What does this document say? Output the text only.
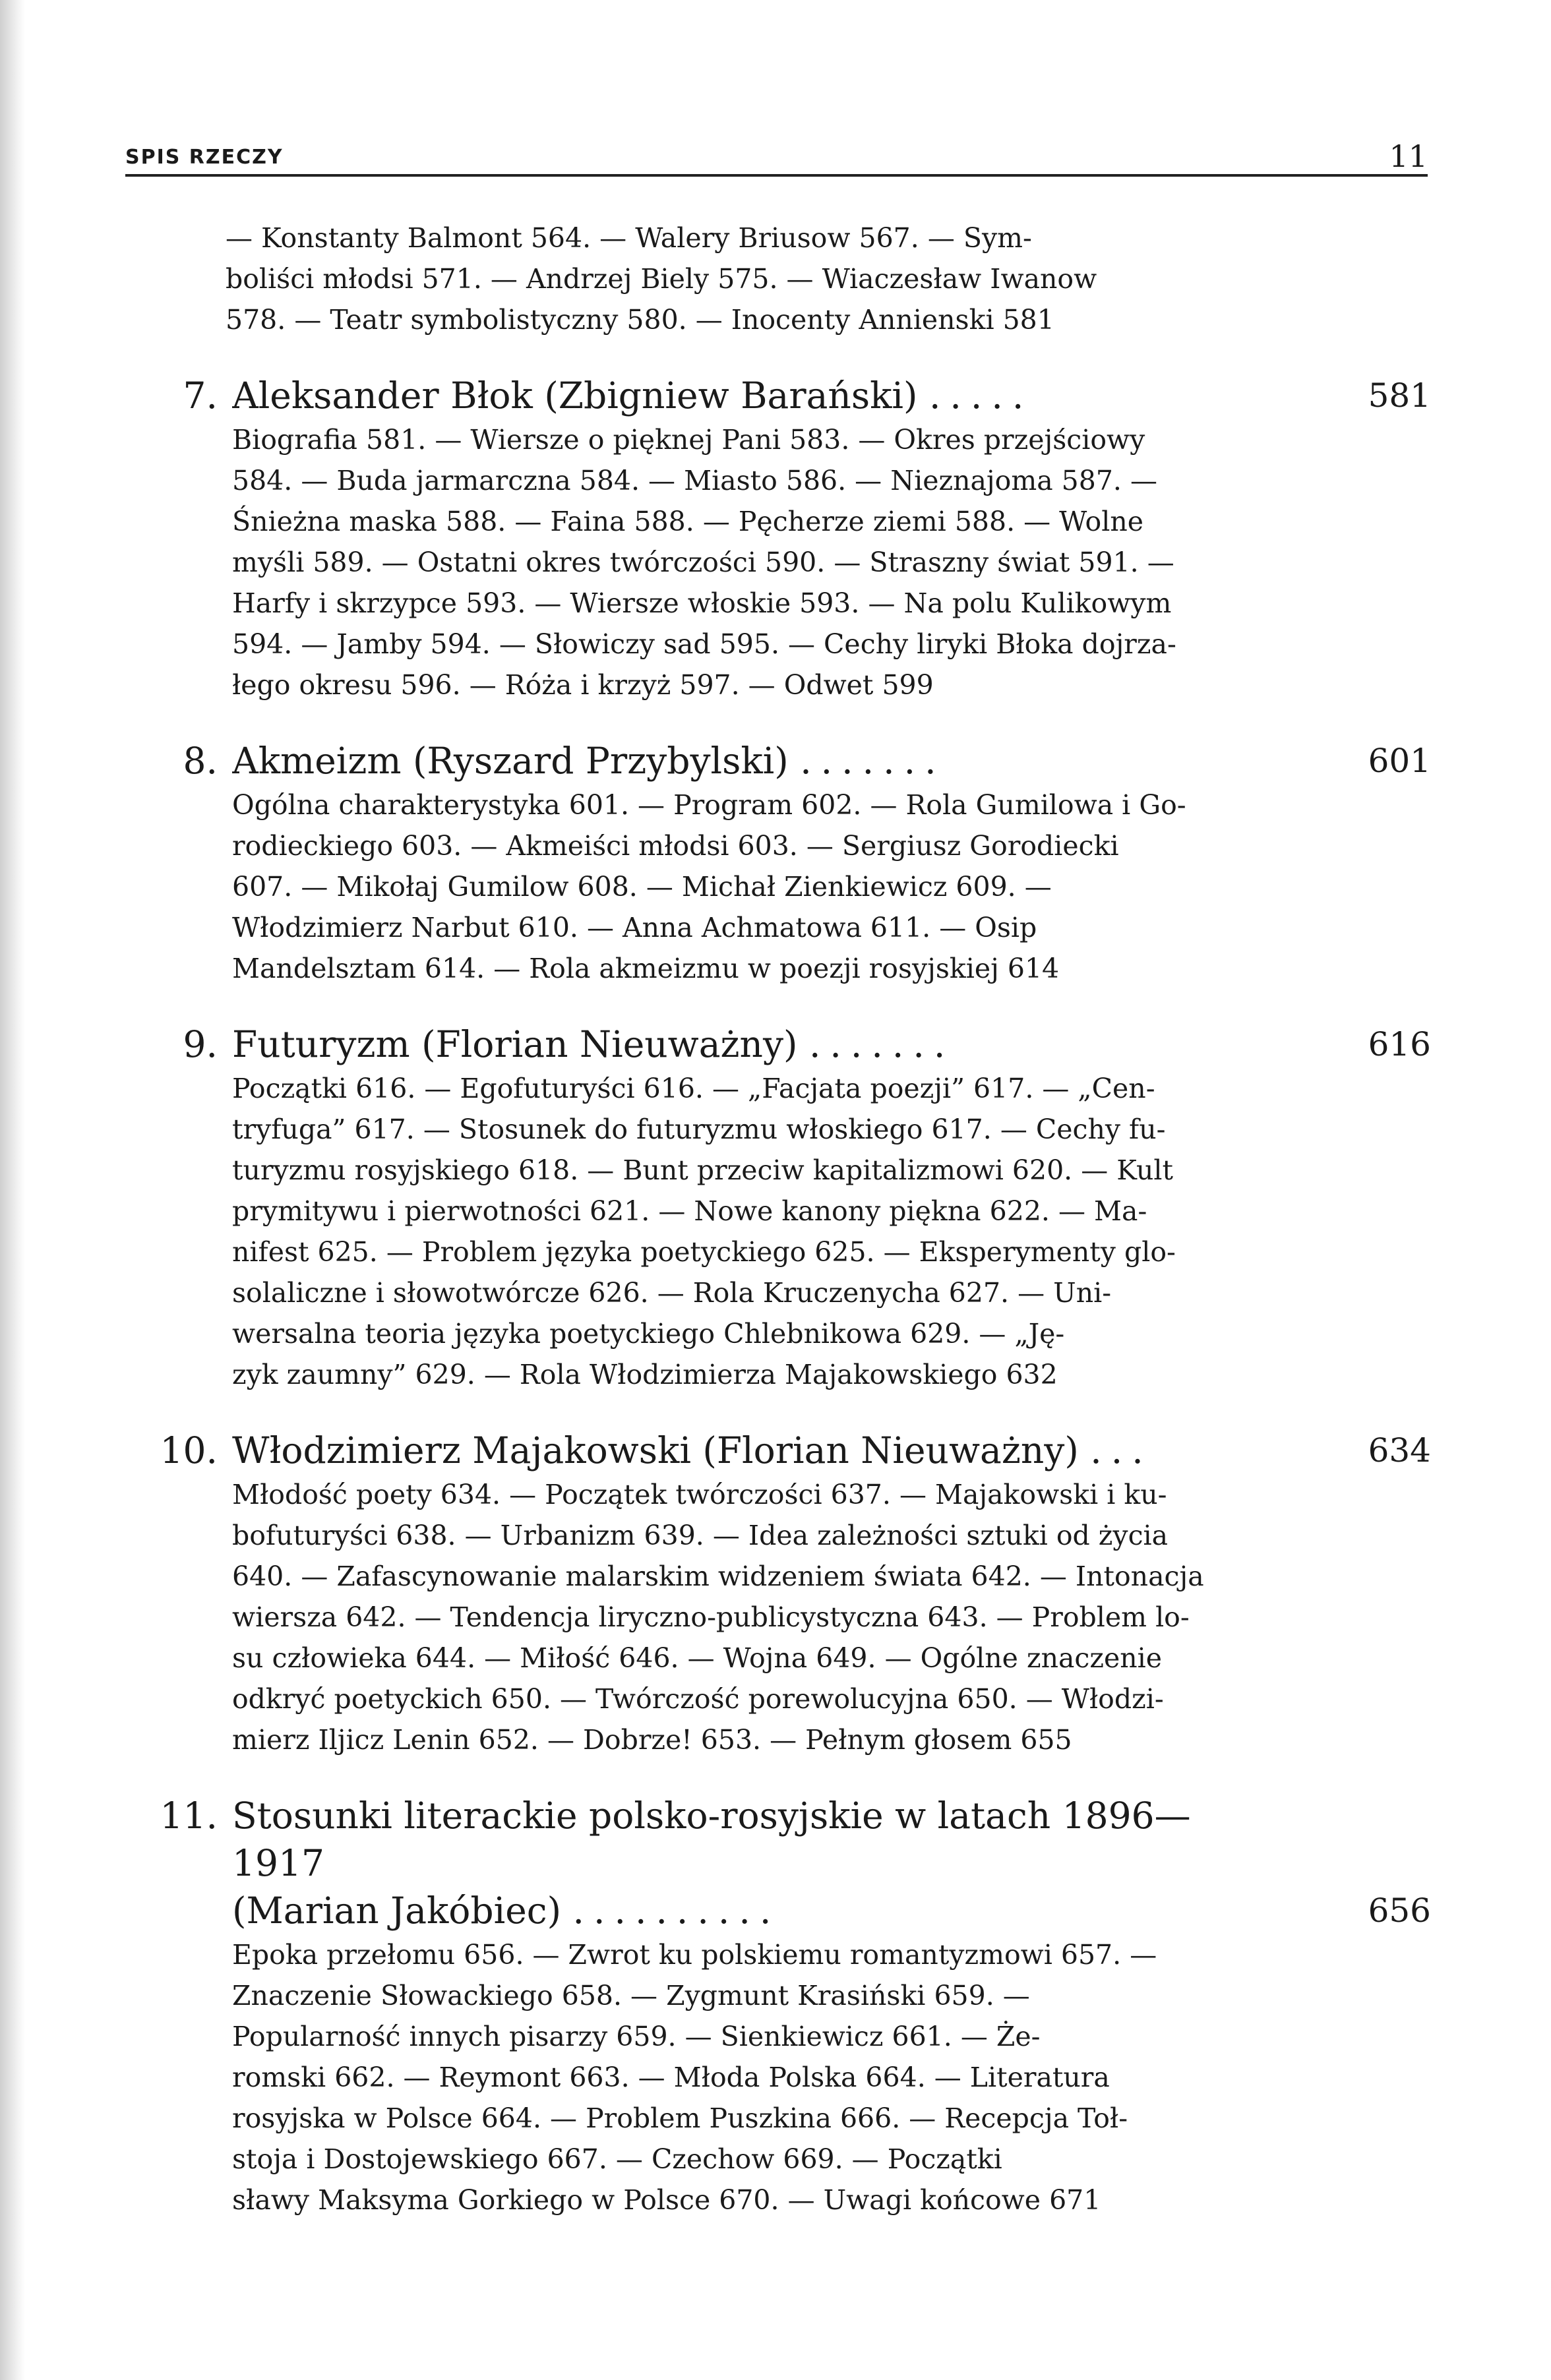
SPIS RZECZY	11
— Konstanty Balmont 564. — Walery Briusow 567. — Sym-
boliści młodsi 571. — Andrzej Biely 575. — Wiaczesław Iwanow
578. — Teatr symbolistyczny 580. — Inocenty Annienski 581
7. Aleksander Błok (Zbigniew Barański) .....	581
Biografia 581. — Wiersze o pięknej Pani 583. — Okres przejściowy
584. — Buda jarmarczna 584. — Miasto 586. — Nieznajoma 587. —
Śnieżna maska 588. — Faina 588. — Pęcherze ziemi 588. — Wolne
myśli 589. — Ostatni okres twórczości 590. — Straszny świat 591. —
Harfy i skrzypce 593. — Wiersze włoskie 593. — Na polu Kulikowym
594. — Jamby 594. — Słowiczy sad 595. — Cechy liryki Błoka dojrza-
łego okresu 596. — Róża i krzyż 597. — Odwet 599
8. Akmeizm (Ryszard Przybylski) .......	601
Ogólna charakterystyka 601. — Program 602. — Rola Gumilowa i Go-
rodieckiego 603. — Akmeiści młodsi 603. — Sergiusz Gorodiecki
607. — Mikołaj Gumilow 608. — Michał Zienkiewicz 609. —
Włodzimierz Narbut 610. — Anna Achmatowa 611. — Osip
Mandelsztam 614. — Rola akmeizmu w poezji rosyjskiej 614
9. Futuryzm (Florian Nieuważny) .......	616
Początki 616. — Egofuturyści 616. — „Facjata poezji” 617. — „Cen-
tryfuga” 617. — Stosunek do futuryzmu włoskiego 617. — Cechy fu-
turyzmu rosyjskiego 618. — Bunt przeciw kapitalizmowi 620. — Kult
prymitywu i pierwotności 621. — Nowe kanony piękna 622. — Ma-
nifest 625. — Problem języka poetyckiego 625. — Eksperymenty glo-
solaliczne i słowotwórcze 626. — Rola Kruczenycha 627. — Uni-
wersalna teoria języka poetyckiego Chlebnikowa 629. — „Ję-
zyk zaumny” 629. — Rola Włodzimierza Majakowskiego 632
10. Włodzimierz Majakowski (Florian Nieuważny) ...	634
Młodość poety 634. — Początek twórczości 637. — Majakowski i ku-
bofuturyści 638. — Urbanizm 639. — Idea zależności sztuki od życia
640. — Zafascynowanie malarskim widzeniem świata 642. — Intonacja
wiersza 642. — Tendencja liryczno-publicystyczna 643. — Problem lo-
su człowieka 644. — Miłość 646. — Wojna 649. — Ogólne znaczenie
odkryć poetyckich 650. — Twórczość porewolucyjna 650. — Włodzi-
mierz Iljicz Lenin 652. — Dobrze! 653. — Pełnym głosem 655
11. Stosunki literackie polsko-rosyjskie w latach 1896—1917
(Marian Jakóbiec) ..........	656
Epoka przełomu 656. — Zwrot ku polskiemu romantyzmowi 657. —
Znaczenie Słowackiego 658. — Zygmunt Krasiński 659. —
Popularność innych pisarzy 659. — Sienkiewicz 661. — Że-
romski 662. — Reymont 663. — Młoda Polska 664. — Literatura
rosyjska w Polsce 664. — Problem Puszkina 666. — Recepcja Toł-
stoja i Dostojewskiego 667. — Czechow 669. — Początki
sławy Maksyma Gorkiego w Polsce 670. — Uwagi końcowe 671
